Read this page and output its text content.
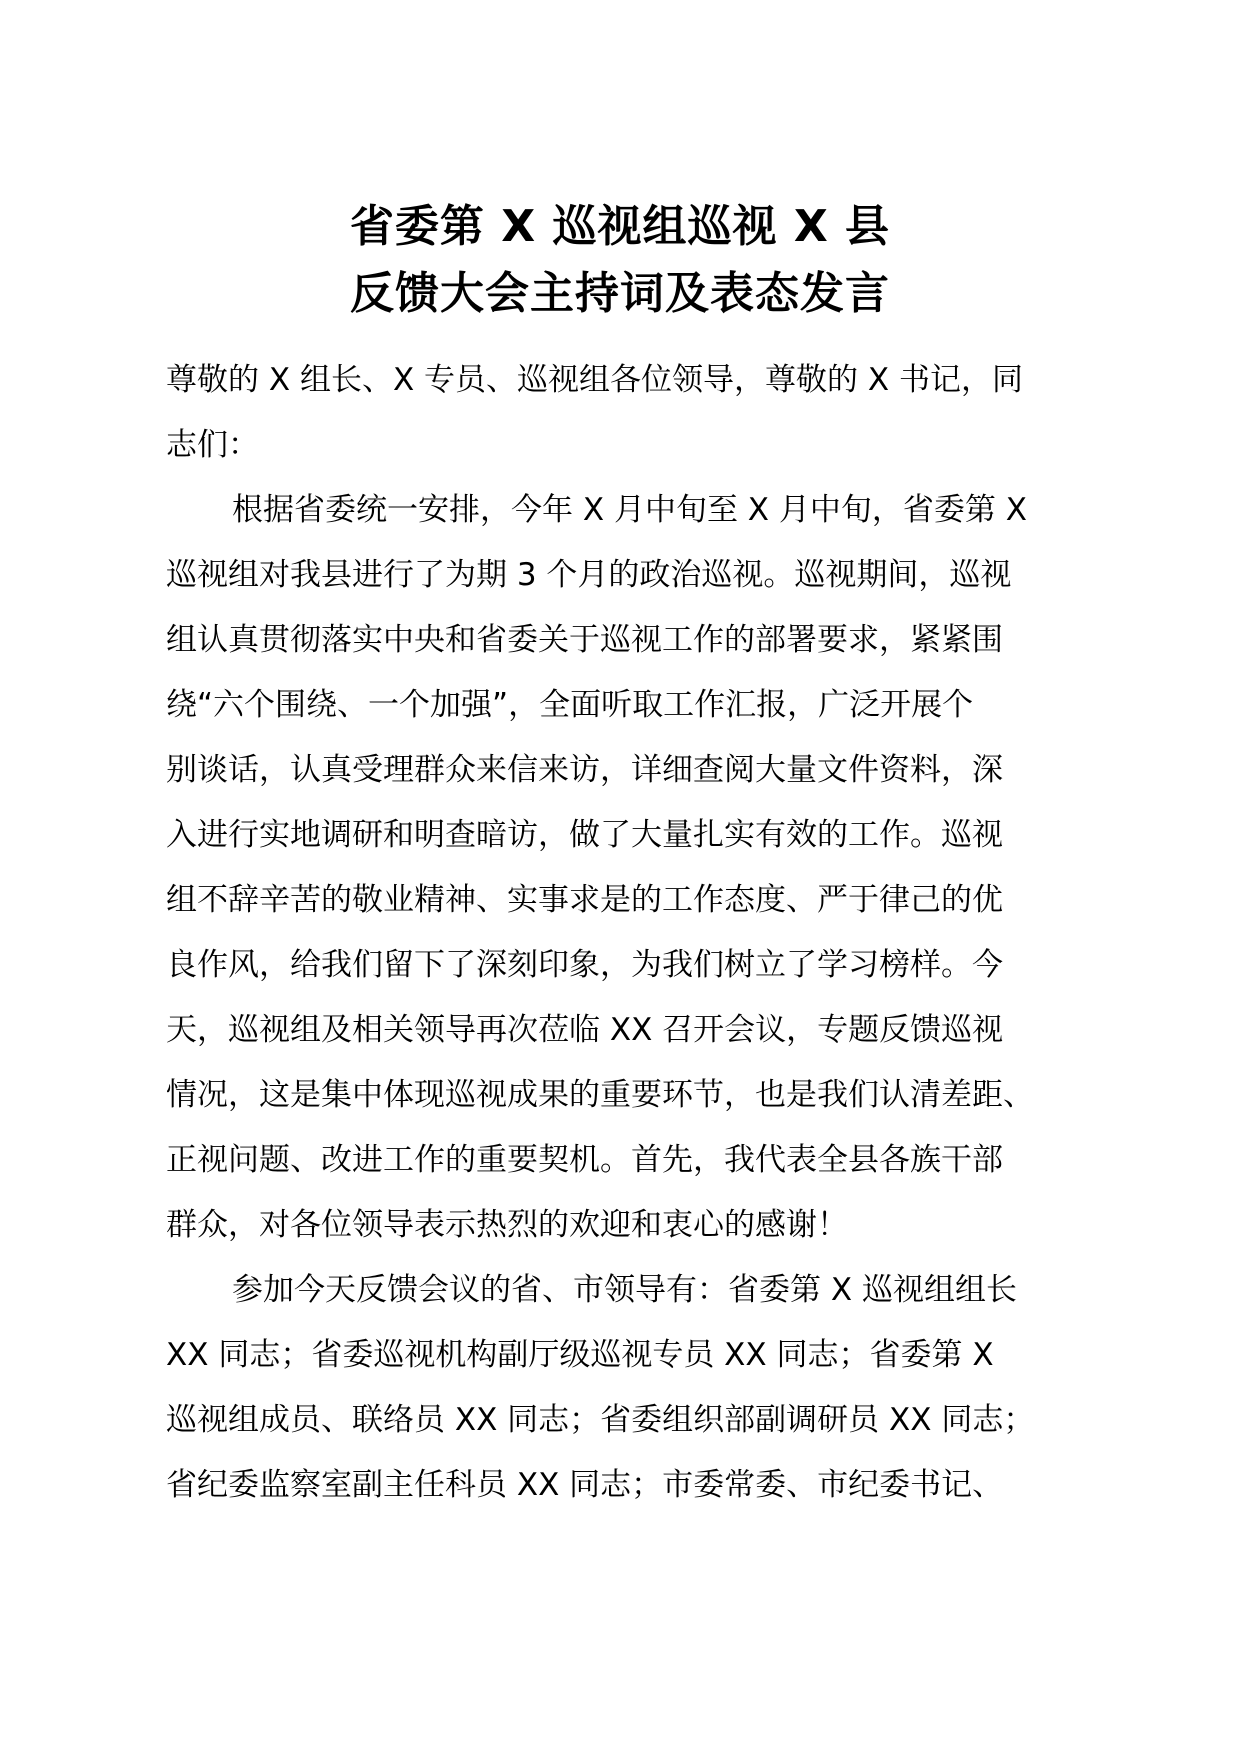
省委第 X 巡视组巡视 X 县
反馈大会主持词及表态发言
尊敬的 X 组长、X 专员、巡视组各位领导，尊敬的 X 书记，同
志们：
根据省委统一安排，今年 X 月中旬至 X 月中旬，省委第 X
巡视组对我县进行了为期 3 个月的政治巡视。巡视期间，巡视
组认真贯彻落实中央和省委关于巡视工作的部署要求，紧紧围
绕“六个围绕、一个加强”，全面听取工作汇报，广泛开展个
别谈话，认真受理群众来信来访，详细查阅大量文件资料，深
入进行实地调研和明查暗访，做了大量扎实有效的工作。巡视
组不辞辛苦的敬业精神、实事求是的工作态度、严于律己的优
良作风，给我们留下了深刻印象，为我们树立了学习榜样。今
天，巡视组及相关领导再次莅临 XX 召开会议，专题反馈巡视
情况，这是集中体现巡视成果的重要环节，也是我们认清差距、
正视问题、改进工作的重要契机。首先，我代表全县各族干部
群众，对各位领导表示热烈的欢迎和衷心的感谢！
参加今天反馈会议的省、市领导有：省委第 X 巡视组组长
XX 同志；省委巡视机构副厅级巡视专员 XX 同志；省委第 X
巡视组成员、联络员 XX 同志；省委组织部副调研员 XX 同志；
省纪委监察室副主任科员 XX 同志；市委常委、市纪委书记、
